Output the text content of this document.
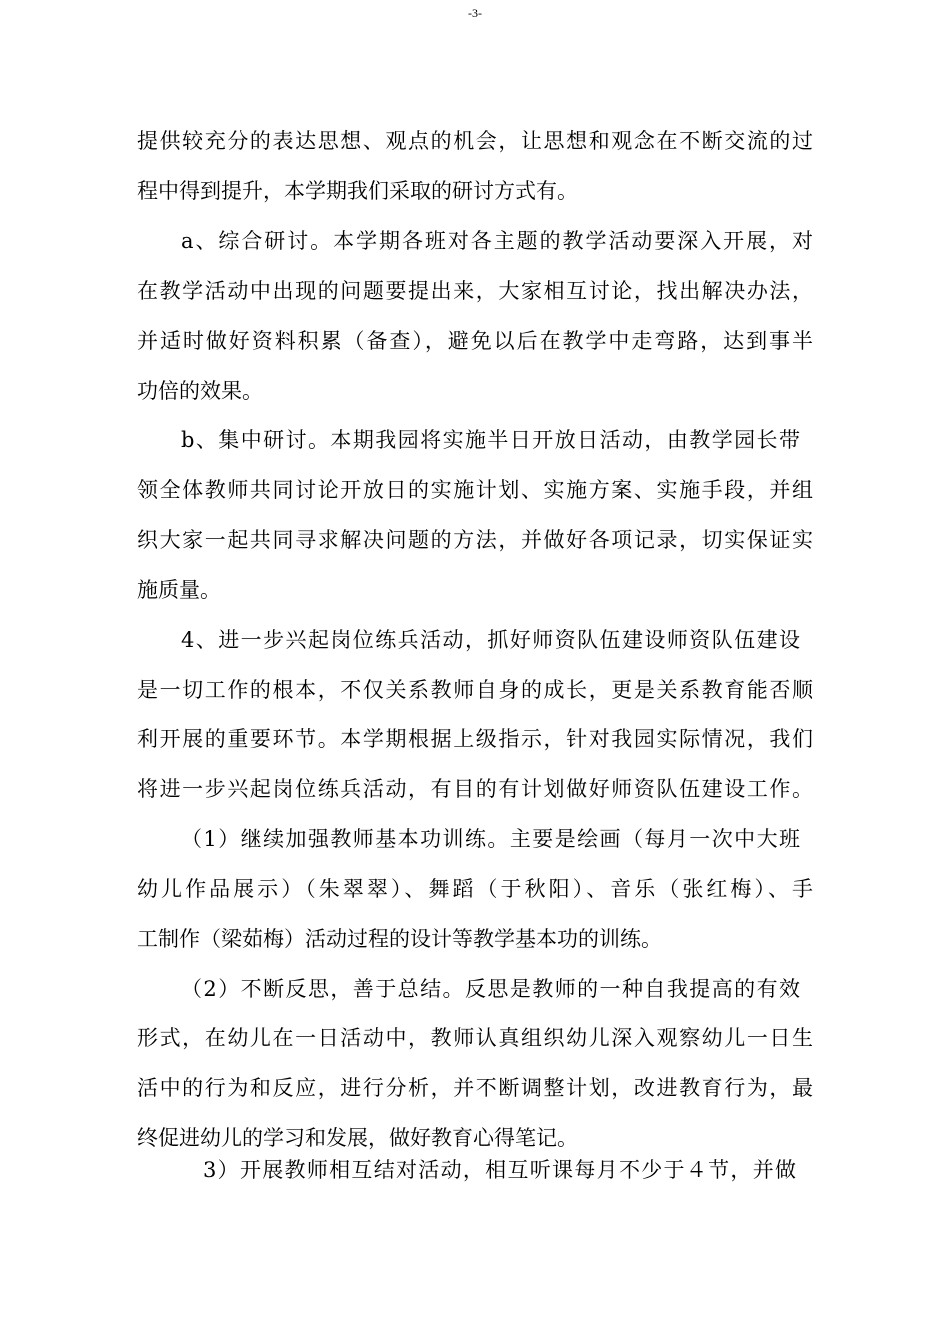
-3-
提供较充分的表达思想、观点的机会，让思想和观念在不断交流的过
程中得到提升，本学期我们采取的研讨方式有。
a、综合研讨。本学期各班对各主题的教学活动要深入开展，对
在教学活动中出现的问题要提出来，大家相互讨论，找出解决办法，
并适时做好资料积累（备查），避免以后在教学中走弯路，达到事半
功倍的效果。
b、集中研讨。本期我园将实施半日开放日活动，由教学园长带
领全体教师共同讨论开放日的实施计划、实施方案、实施手段，并组
织大家一起共同寻求解决问题的方法，并做好各项记录，切实保证实
施质量。
4、进一步兴起岗位练兵活动，抓好师资队伍建设师资队伍建设
是一切工作的根本，不仅关系教师自身的成长，更是关系教育能否顺
利开展的重要环节。本学期根据上级指示，针对我园实际情况，我们
将进一步兴起岗位练兵活动，有目的有计划做好师资队伍建设工作。
（1）继续加强教师基本功训练。主要是绘画（每月一次中大班
幼儿作品展示）（朱翠翠）、舞蹈（于秋阳）、音乐（张红梅）、手
工制作（梁茹梅）活动过程的设计等教学基本功的训练。
（2）不断反思，善于总结。反思是教师的一种自我提高的有效
形式，在幼儿在一日活动中，教师认真组织幼儿深入观察幼儿一日生
活中的行为和反应，进行分析，并不断调整计划，改进教育行为，最
终促进幼儿的学习和发展，做好教育心得笔记。
3）开展教师相互结对活动，相互听课每月不少于４节，并做
